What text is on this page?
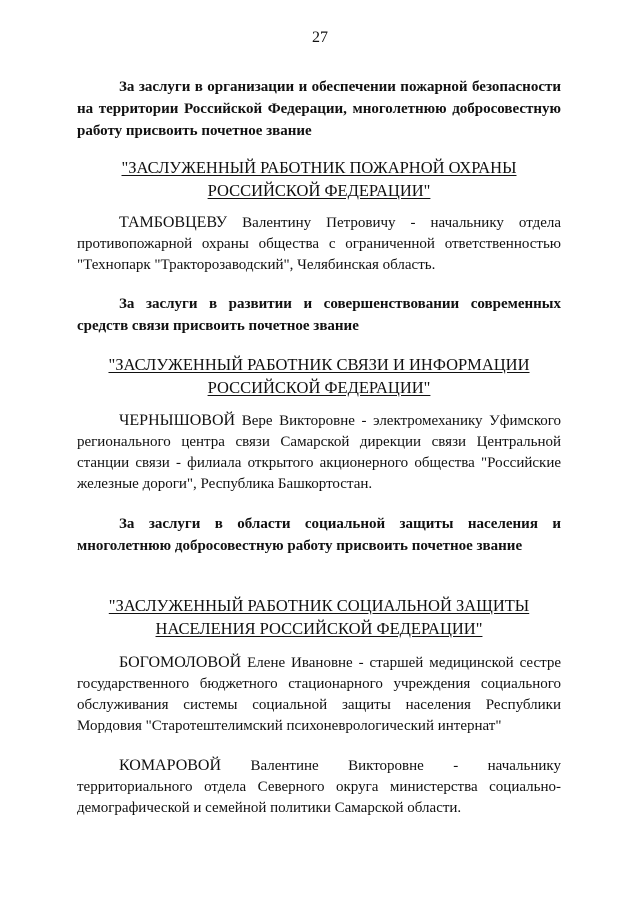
27
За заслуги в организации и обеспечении пожарной безопасности на территории Российской Федерации, многолетнюю добросовестную работу присвоить почетное звание
"ЗАСЛУЖЕННЫЙ РАБОТНИК ПОЖАРНОЙ ОХРАНЫ
РОССИЙСКОЙ ФЕДЕРАЦИИ"
ТАМБОВЦЕВУ Валентину Петровичу - начальнику отдела противопожарной охраны общества с ограниченной ответственностью "Технопарк "Тракторозаводский", Челябинская область.
За заслуги в развитии и совершенствовании современных средств связи присвоить почетное звание
"ЗАСЛУЖЕННЫЙ РАБОТНИК СВЯЗИ И ИНФОРМАЦИИ
РОССИЙСКОЙ ФЕДЕРАЦИИ"
ЧЕРНЫШОВОЙ Вере Викторовне - электромеханику Уфимского регионального центра связи Самарской дирекции связи Центральной станции связи - филиала открытого акционерного общества "Российские железные дороги", Республика Башкортостан.
За заслуги в области социальной защиты населения и многолетнюю добросовестную работу присвоить почетное звание
"ЗАСЛУЖЕННЫЙ РАБОТНИК СОЦИАЛЬНОЙ ЗАЩИТЫ
НАСЕЛЕНИЯ РОССИЙСКОЙ ФЕДЕРАЦИИ"
БОГОМОЛОВОЙ Елене Ивановне - старшей медицинской сестре государственного бюджетного стационарного учреждения социального обслуживания системы социальной защиты населения Республики Мордовия "Старотештелимский психоневрологический интернат"
КОМАРОВОЙ Валентине Викторовне - начальнику территориального отдела Северного округа министерства социально-демографической и семейной политики Самарской области.
